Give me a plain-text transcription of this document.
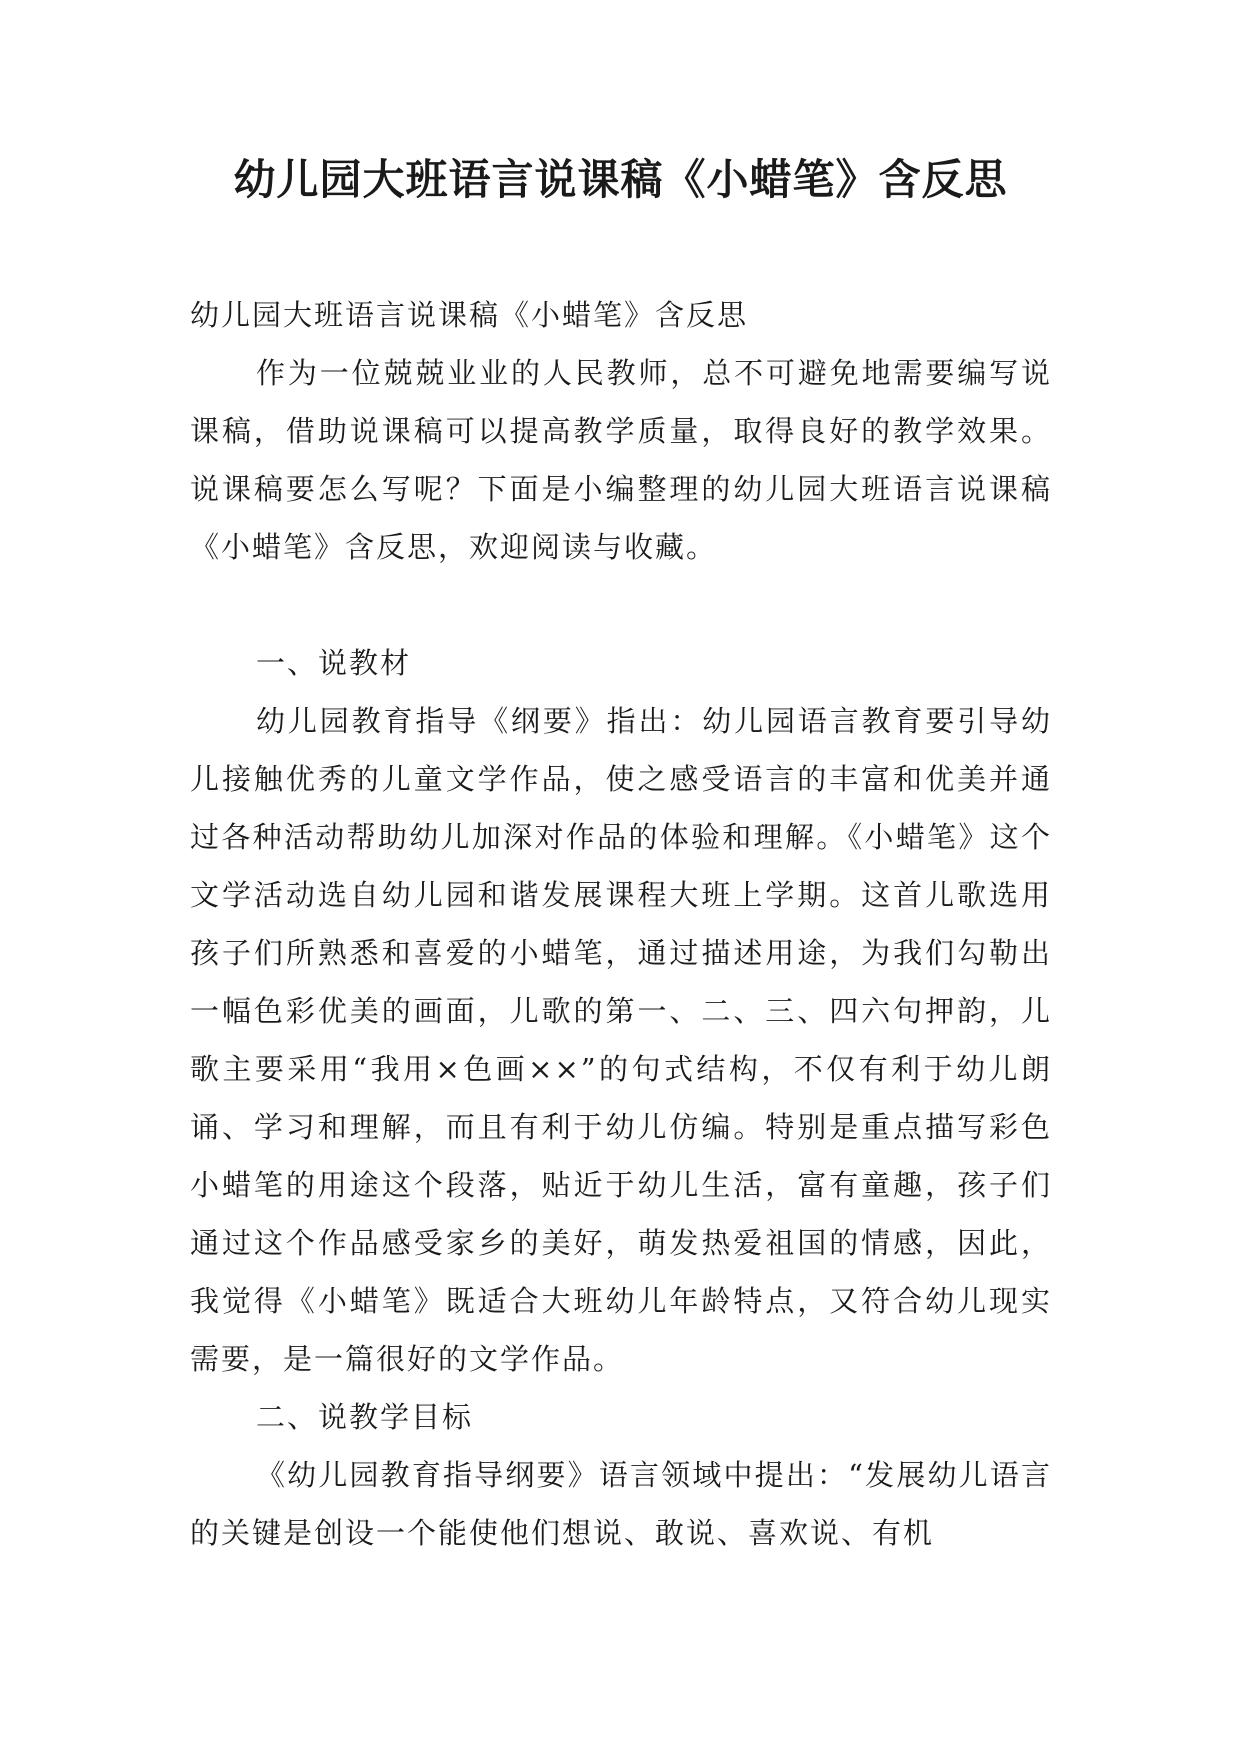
幼儿园大班语言说课稿《小蜡笔》含反思

幼儿园大班语言说课稿《小蜡笔》含反思

作为一位兢兢业业的人民教师，总不可避免地需要编写说课稿，借助说课稿可以提高教学质量，取得良好的教学效果。说课稿要怎么写呢？下面是小编整理的幼儿园大班语言说课稿《小蜡笔》含反思，欢迎阅读与收藏。

一、说教材

幼儿园教育指导《纲要》指出：幼儿园语言教育要引导幼儿接触优秀的儿童文学作品，使之感受语言的丰富和优美并通过各种活动帮助幼儿加深对作品的体验和理解。《小蜡笔》这个文学活动选自幼儿园和谐发展课程大班上学期。这首儿歌选用孩子们所熟悉和喜爱的小蜡笔，通过描述用途，为我们勾勒出一幅色彩优美的画面，儿歌的第一、二、三、四六句押韵，儿歌主要采用“我用×色画××”的句式结构，不仅有利于幼儿朗诵、学习和理解，而且有利于幼儿仿编。特别是重点描写彩色小蜡笔的用途这个段落，贴近于幼儿生活，富有童趣，孩子们通过这个作品感受家乡的美好，萌发热爱祖国的情感，因此，我觉得《小蜡笔》既适合大班幼儿年龄特点，又符合幼儿现实需要，是一篇很好的文学作品。

二、说教学目标

《幼儿园教育指导纲要》语言领域中提出：“发展幼儿语言的关键是创设一个能使他们想说、敢说、喜欢说、有机
